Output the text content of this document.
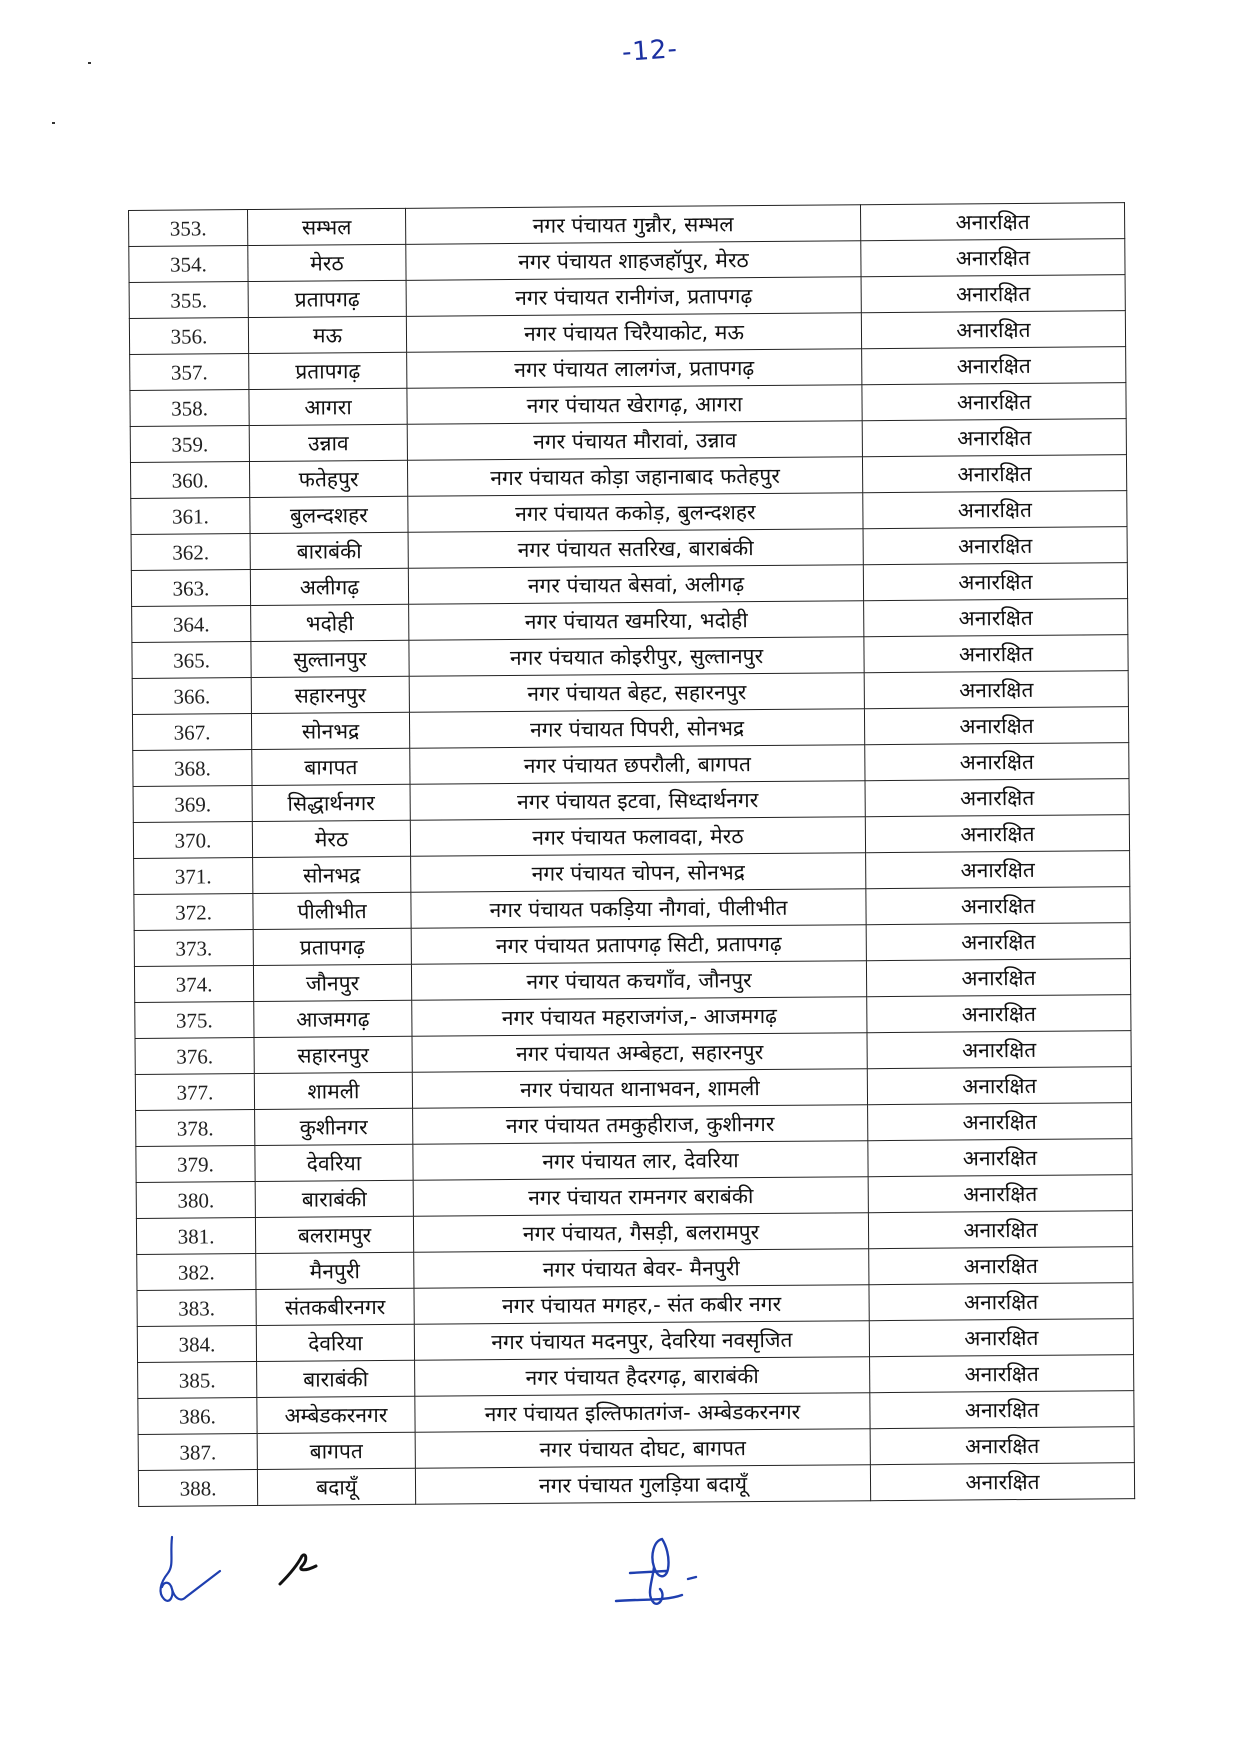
-12-
353.	सम्भल	नगर पंचायत गुन्नौर, सम्भल	अनारक्षित
354.	मेरठ	नगर पंचायत शाहजहॉपुर, मेरठ	अनारक्षित
355.	प्रतापगढ़	नगर पंचायत रानीगंज, प्रतापगढ़	अनारक्षित
356.	मऊ	नगर पंचायत चिरैयाकोट, मऊ	अनारक्षित
357.	प्रतापगढ़	नगर पंचायत लालगंज, प्रतापगढ़	अनारक्षित
358.	आगरा	नगर पंचायत खेरागढ़, आगरा	अनारक्षित
359.	उन्नाव	नगर पंचायत मौरावां, उन्नाव	अनारक्षित
360.	फतेहपुर	नगर पंचायत कोड़ा जहानाबाद फतेहपुर	अनारक्षित
361.	बुलन्दशहर	नगर पंचायत ककोड़, बुलन्दशहर	अनारक्षित
362.	बाराबंकी	नगर पंचायत सतरिख, बाराबंकी	अनारक्षित
363.	अलीगढ़	नगर पंचायत बेसवां, अलीगढ़	अनारक्षित
364.	भदोही	नगर पंचायत खमरिया, भदोही	अनारक्षित
365.	सुल्तानपुर	नगर पंचयात कोइरीपुर, सुल्तानपुर	अनारक्षित
366.	सहारनपुर	नगर पंचायत बेहट, सहारनपुर	अनारक्षित
367.	सोनभद्र	नगर पंचायत पिपरी, सोनभद्र	अनारक्षित
368.	बागपत	नगर पंचायत छपरौली, बागपत	अनारक्षित
369.	सिद्धार्थनगर	नगर पंचायत इटवा, सिध्दार्थनगर	अनारक्षित
370.	मेरठ	नगर पंचायत फलावदा, मेरठ	अनारक्षित
371.	सोनभद्र	नगर पंचायत चोपन, सोनभद्र	अनारक्षित
372.	पीलीभीत	नगर पंचायत पकड़िया नौगवां, पीलीभीत	अनारक्षित
373.	प्रतापगढ़	नगर पंचायत प्रतापगढ़ सिटी, प्रतापगढ़	अनारक्षित
374.	जौनपुर	नगर पंचायत कचगॉंव, जौनपुर	अनारक्षित
375.	आजमगढ़	नगर पंचायत महराजगंज,- आजमगढ़	अनारक्षित
376.	सहारनपुर	नगर पंचायत अम्बेहटा, सहारनपुर	अनारक्षित
377.	शामली	नगर पंचायत थानाभवन, शामली	अनारक्षित
378.	कुशीनगर	नगर पंचायत तमकुहीराज, कुशीनगर	अनारक्षित
379.	देवरिया	नगर पंचायत लार, देवरिया	अनारक्षित
380.	बाराबंकी	नगर पंचायत रामनगर बराबंकी	अनारक्षित
381.	बलरामपुर	नगर पंचायत, गैसड़ी, बलरामपुर	अनारक्षित
382.	मैनपुरी	नगर पंचायत बेवर- मैनपुरी	अनारक्षित
383.	संतकबीरनगर	नगर पंचायत मगहर,- संत कबीर नगर	अनारक्षित
384.	देवरिया	नगर पंचायत मदनपुर, देवरिया नवसृजित	अनारक्षित
385.	बाराबंकी	नगर पंचायत हैदरगढ़, बाराबंकी	अनारक्षित
386.	अम्बेडकरनगर	नगर पंचायत इल्तिफातगंज- अम्बेडकरनगर	अनारक्षित
387.	बागपत	नगर पंचायत दोघट, बागपत	अनारक्षित
388.	बदायूँ	नगर पंचायत गुलड़िया बदायूँ	अनारक्षित
